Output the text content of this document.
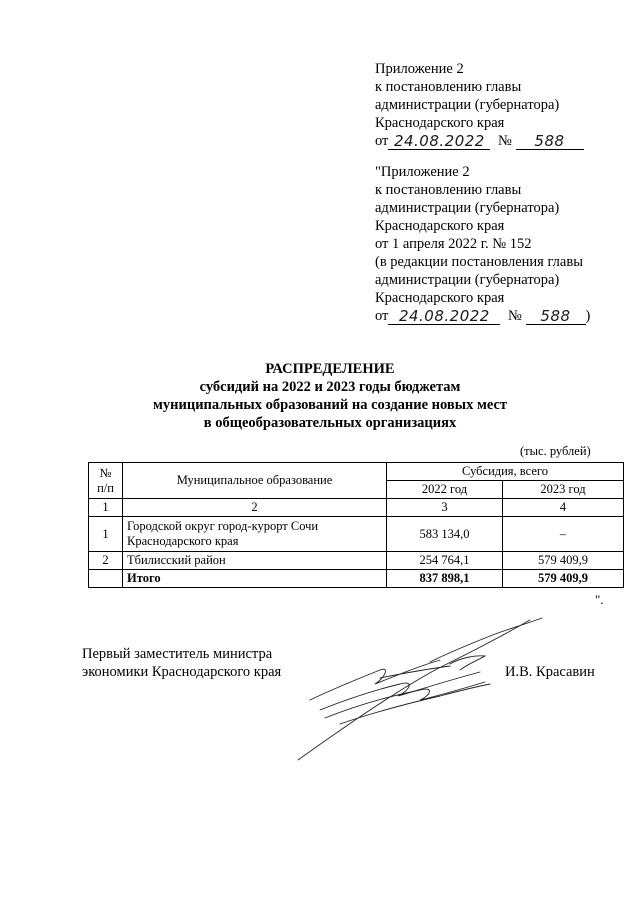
Приложение 2
к постановлению главы
администрации (губернатора)
Краснодарского края
от 24.08.2022 №	588
"Приложение 2
к постановлению главы
администрации (губернатора)
Краснодарского края
от 1 апреля 2022 г. № 152
(в редакции постановления главы
администрации (губернатора)
Краснодарского края
от 24.08.2022	№	588	)
РАСПРЕДЕЛЕНИЕ
субсидий на 2022 и 2023 годы бюджетам
муниципальных образований на создание новых мест
в общеобразовательных организациях
(тыс. рублей)
№
п/п	Муниципальное образование	Субсидия, всего	
		2022 год	2023 год
1	2	3	4
1	Городской округ город-курорт Сочи Краснодарского края	583 134,0	–
2	Тбилисский район	254 764,1	579 409,9
	Итого	837 898,1	579 409,9
".
Первый заместитель министра
экономики Краснодарского края	И.В. Красавин
